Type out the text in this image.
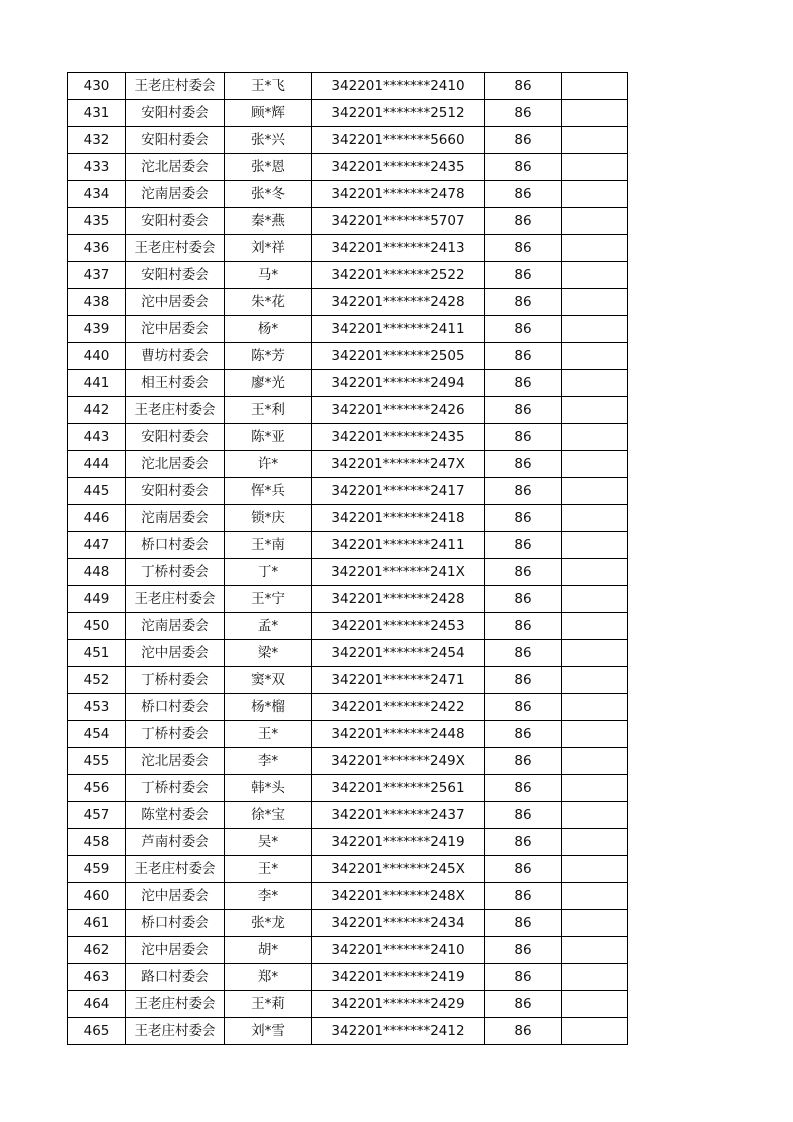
430	王老庄村委会	王*飞	342201*******2410	86	
431	安阳村委会	顾*辉	342201*******2512	86	
432	安阳村委会	张*兴	342201*******5660	86	
433	沱北居委会	张*恩	342201*******2435	86	
434	沱南居委会	张*冬	342201*******2478	86	
435	安阳村委会	秦*燕	342201*******5707	86	
436	王老庄村委会	刘*祥	342201*******2413	86	
437	安阳村委会	马*	342201*******2522	86	
438	沱中居委会	朱*花	342201*******2428	86	
439	沱中居委会	杨*	342201*******2411	86	
440	曹坊村委会	陈*芳	342201*******2505	86	
441	相王村委会	廖*光	342201*******2494	86	
442	王老庄村委会	王*利	342201*******2426	86	
443	安阳村委会	陈*亚	342201*******2435	86	
444	沱北居委会	许*	342201*******247X	86	
445	安阳村委会	恽*兵	342201*******2417	86	
446	沱南居委会	锁*庆	342201*******2418	86	
447	桥口村委会	王*南	342201*******2411	86	
448	丁桥村委会	丁*	342201*******241X	86	
449	王老庄村委会	王*宁	342201*******2428	86	
450	沱南居委会	孟*	342201*******2453	86	
451	沱中居委会	梁*	342201*******2454	86	
452	丁桥村委会	窦*双	342201*******2471	86	
453	桥口村委会	杨*榴	342201*******2422	86	
454	丁桥村委会	王*	342201*******2448	86	
455	沱北居委会	李*	342201*******249X	86	
456	丁桥村委会	韩*头	342201*******2561	86	
457	陈堂村委会	徐*宝	342201*******2437	86	
458	芦南村委会	吴*	342201*******2419	86	
459	王老庄村委会	王*	342201*******245X	86	
460	沱中居委会	李*	342201*******248X	86	
461	桥口村委会	张*龙	342201*******2434	86	
462	沱中居委会	胡*	342201*******2410	86	
463	路口村委会	郑*	342201*******2419	86	
464	王老庄村委会	王*莉	342201*******2429	86	
465	王老庄村委会	刘*雪	342201*******2412	86	
